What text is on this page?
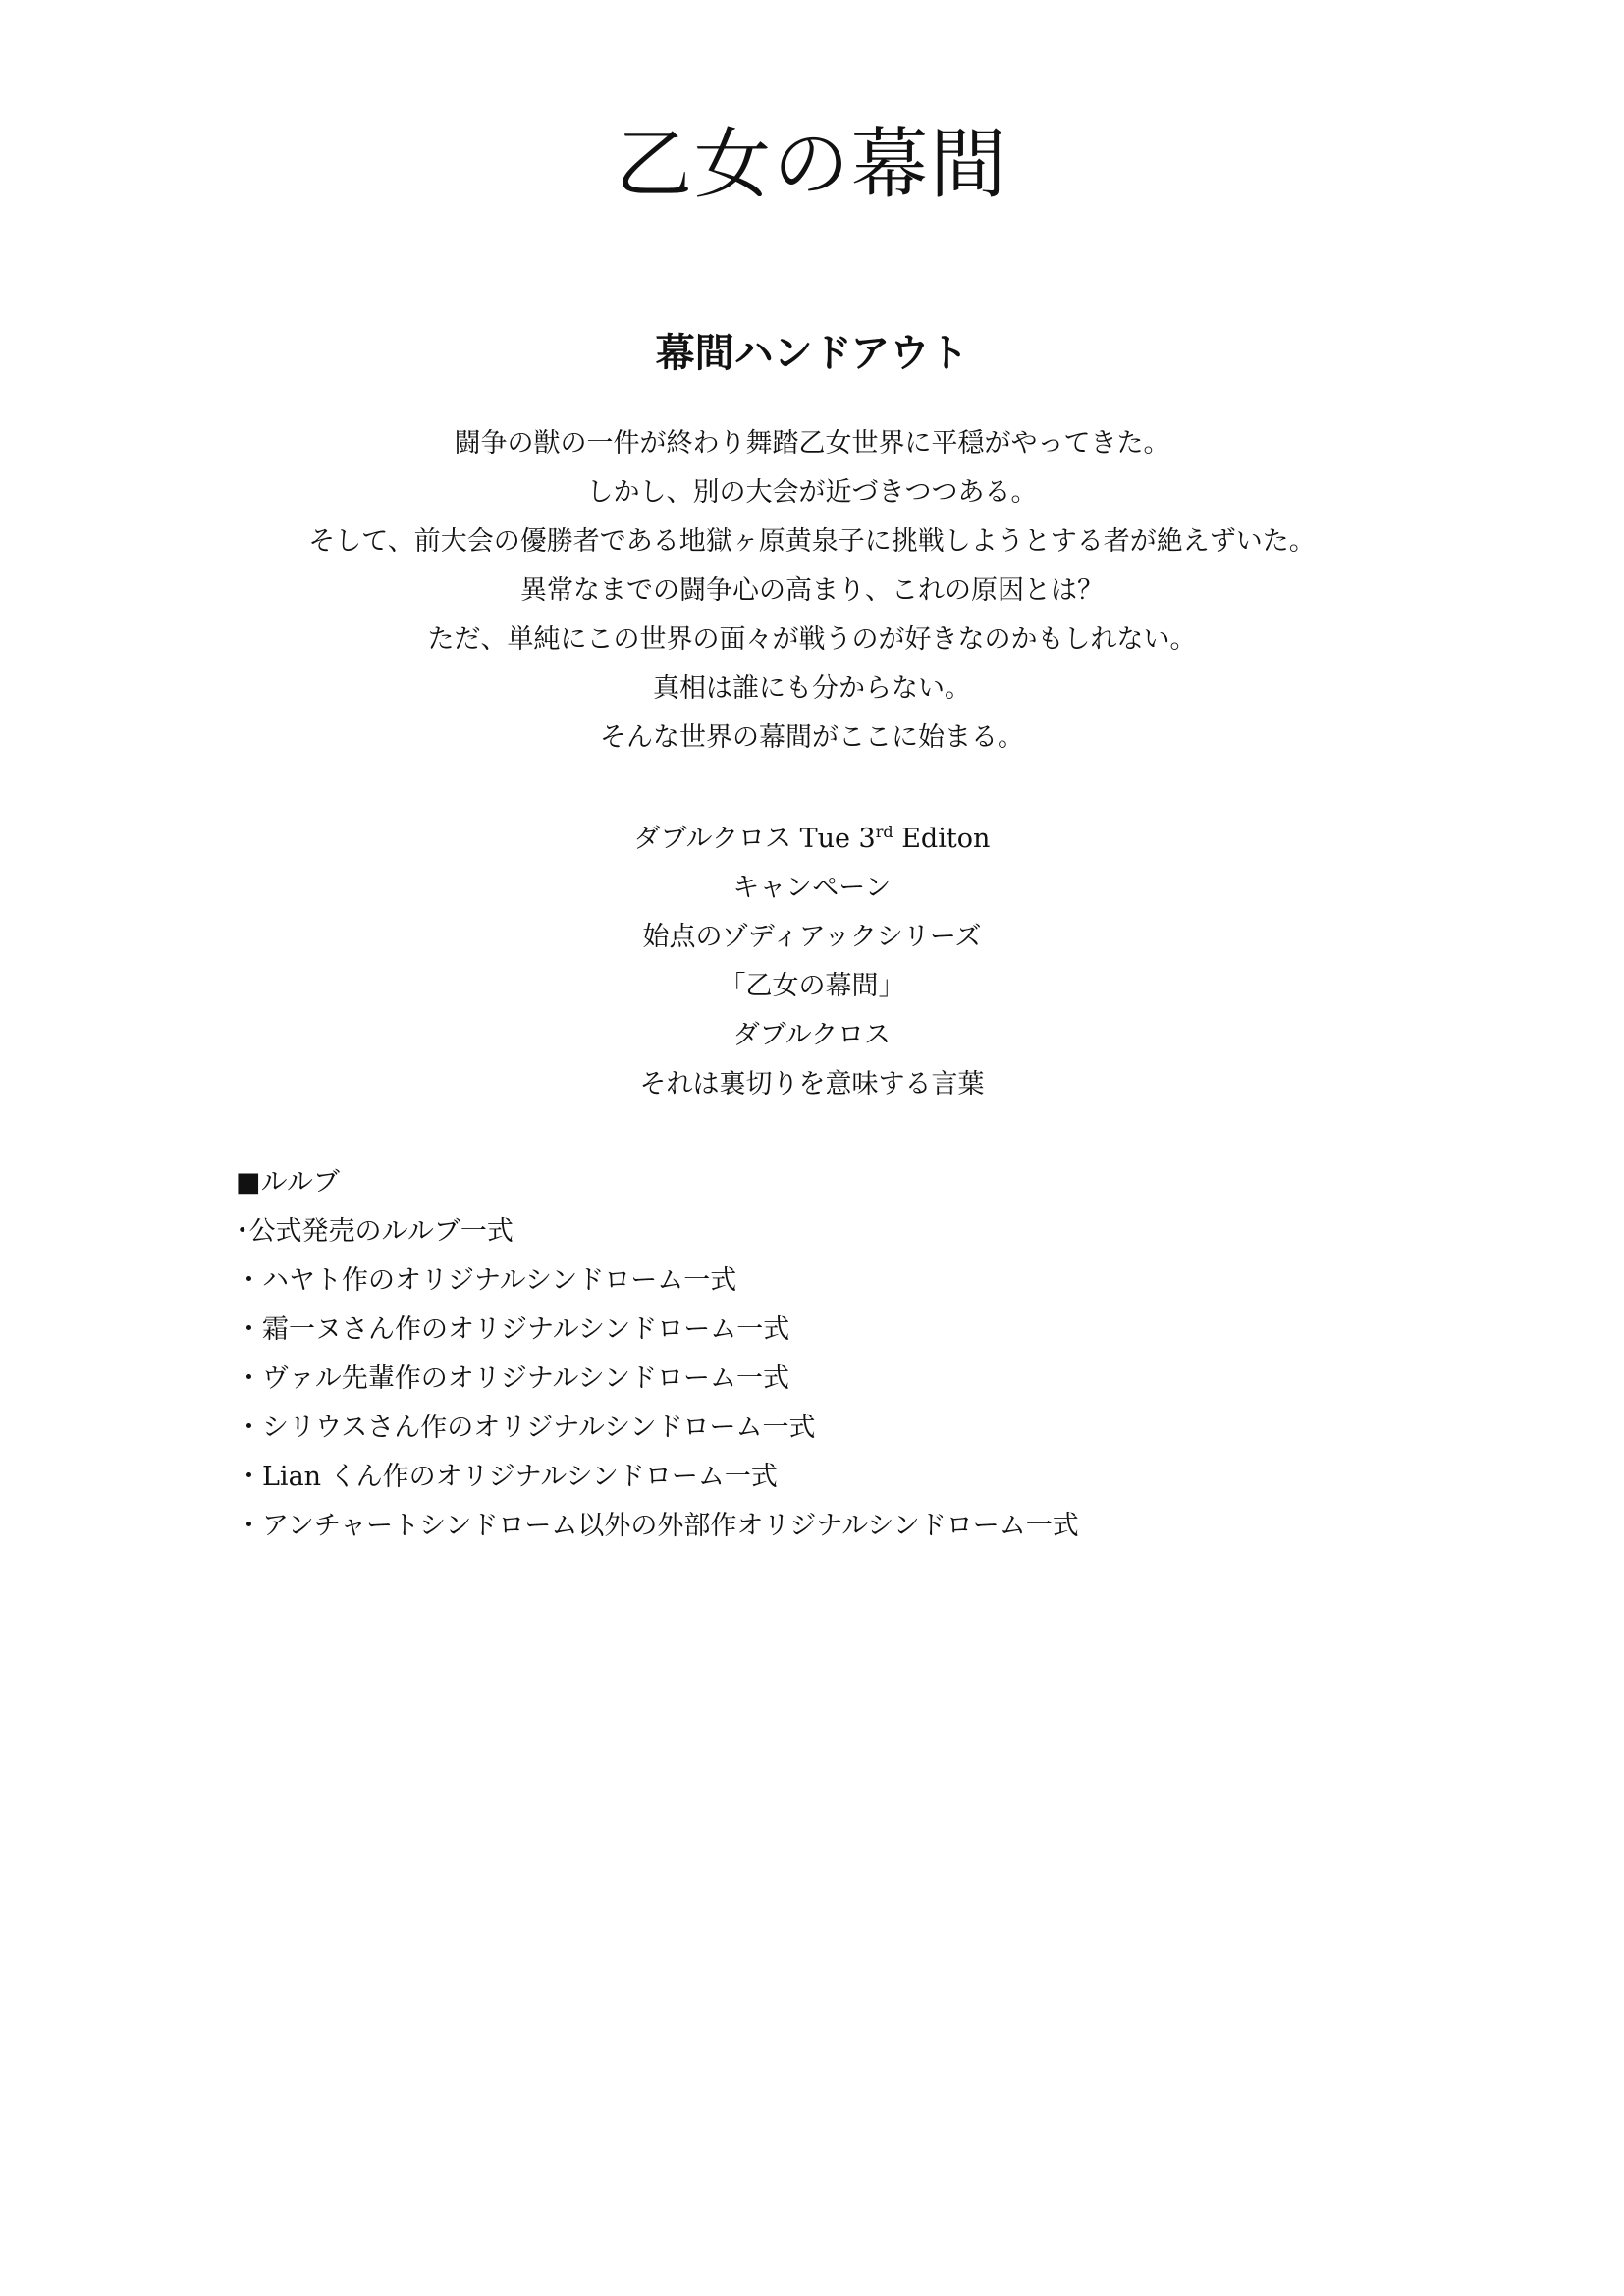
乙女の幕間
幕間ハンドアウト
闘争の獣の一件が終わり舞踏乙女世界に平穏がやってきた。
しかし、別の大会が近づきつつある。
そして、前大会の優勝者である地獄ヶ原黄泉子に挑戦しようとする者が絶えずいた。
異常なまでの闘争心の高まり、これの原因とは？
ただ、単純にこの世界の面々が戦うのが好きなのかもしれない。
真相は誰にも分からない。
そんな世界の幕間がここに始まる。
ダブルクロス Tue 3rd Editon
キャンペーン
始点のゾディアックシリーズ
「乙女の幕間」
ダブルクロス
それは裏切りを意味する言葉
■ルルブ
･公式発売のルルブ一式
・ハヤト作のオリジナルシンドローム一式
・霜一ヌさん作のオリジナルシンドローム一式
・ヴァル先輩作のオリジナルシンドローム一式
・シリウスさん作のオリジナルシンドローム一式
・Lian くん作のオリジナルシンドローム一式
・アンチャートシンドローム以外の外部作オリジナルシンドローム一式
